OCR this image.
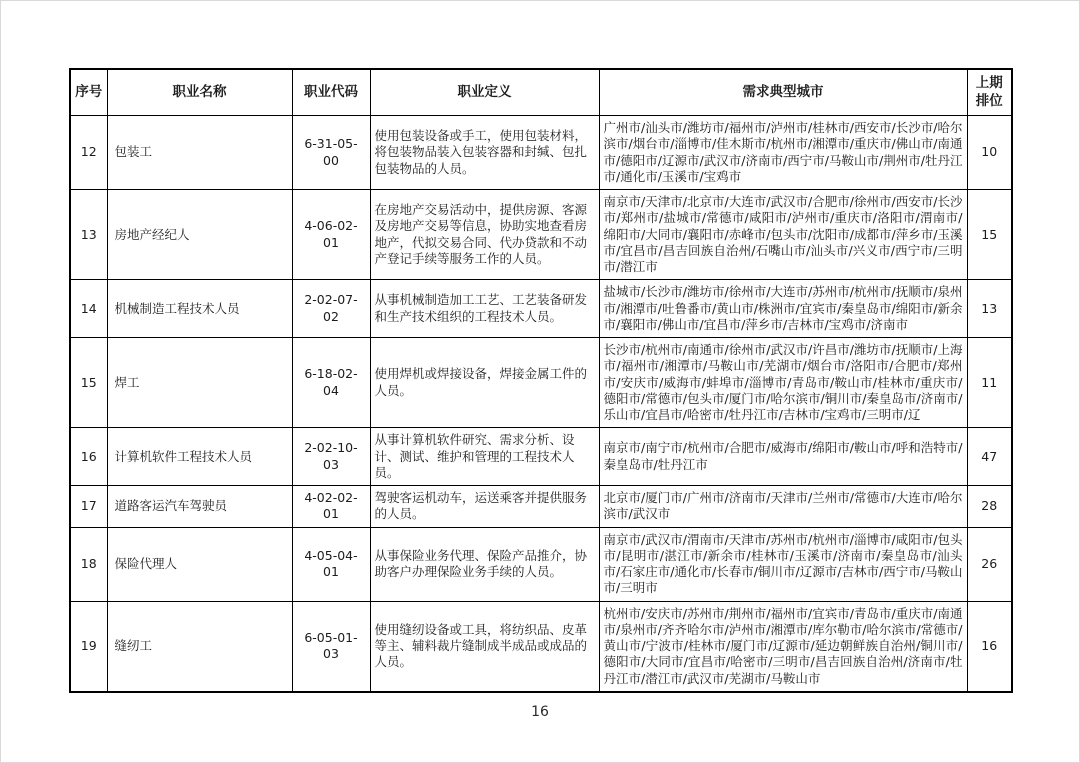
序号	职业名称	职业代码	职业定义	需求典型城市	上期排位
12	包装工	6-31-05-00	使用包装设备或手工，使用包装材料，将包装物品装入包装容器和封缄、包扎包装物品的人员。	广州市/汕头市/潍坊市/福州市/泸州市/桂林市/西安市/长沙市/哈尔滨市/烟台市/淄博市/佳木斯市/杭州市/湘潭市/重庆市/佛山市/南通市/德阳市/辽源市/武汉市/济南市/西宁市/马鞍山市/荆州市/牡丹江市/通化市/玉溪市/宝鸡市	10
13	房地产经纪人	4-06-02-01	在房地产交易活动中，提供房源、客源及房地产交易等信息，协助实地查看房地产，代拟交易合同、代办贷款和不动产登记手续等服务工作的人员。	南京市/天津市/北京市/大连市/武汉市/合肥市/徐州市/西安市/长沙市/郑州市/盐城市/常德市/咸阳市/泸州市/重庆市/洛阳市/渭南市/绵阳市/大同市/襄阳市/赤峰市/包头市/沈阳市/成都市/萍乡市/玉溪市/宜昌市/昌吉回族自治州/石嘴山市/汕头市/兴义市/西宁市/三明市/潜江市	15
14	机械制造工程技术人员	2-02-07-02	从事机械制造加工工艺、工艺装备研发和生产技术组织的工程技术人员。	盐城市/长沙市/潍坊市/徐州市/大连市/苏州市/杭州市/抚顺市/泉州市/湘潭市/吐鲁番市/黄山市/株洲市/宜宾市/秦皇岛市/绵阳市/新余市/襄阳市/佛山市/宜昌市/萍乡市/吉林市/宝鸡市/济南市	13
15	焊工	6-18-02-04	使用焊机或焊接设备，焊接金属工件的人员。	长沙市/杭州市/南通市/徐州市/武汉市/许昌市/潍坊市/抚顺市/上海市/福州市/湘潭市/马鞍山市/芜湖市/烟台市/洛阳市/合肥市/郑州市/安庆市/威海市/蚌埠市/淄博市/青岛市/鞍山市/桂林市/重庆市/德阳市/常德市/包头市/厦门市/哈尔滨市/铜川市/秦皇岛市/济南市/乐山市/宜昌市/哈密市/牡丹江市/吉林市/宝鸡市/三明市/辽	11
16	计算机软件工程技术人员	2-02-10-03	从事计算机软件研究、需求分析、设计、测试、维护和管理的工程技术人员。	南京市/南宁市/杭州市/合肥市/威海市/绵阳市/鞍山市/呼和浩特市/秦皇岛市/牡丹江市	47
17	道路客运汽车驾驶员	4-02-02-01	驾驶客运机动车，运送乘客并提供服务的人员。	北京市/厦门市/广州市/济南市/天津市/兰州市/常德市/大连市/哈尔滨市/武汉市	28
18	保险代理人	4-05-04-01	从事保险业务代理、保险产品推介，协助客户办理保险业务手续的人员。	南京市/武汉市/渭南市/天津市/苏州市/杭州市/淄博市/咸阳市/包头市/昆明市/湛江市/新余市/桂林市/玉溪市/济南市/秦皇岛市/汕头市/石家庄市/通化市/长春市/铜川市/辽源市/吉林市/西宁市/马鞍山市/三明市	26
19	缝纫工	6-05-01-03	使用缝纫设备或工具，将纺织品、皮革等主、辅料裁片缝制成半成品或成品的人员。	杭州市/安庆市/苏州市/荆州市/福州市/宜宾市/青岛市/重庆市/南通市/泉州市/齐齐哈尔市/泸州市/湘潭市/库尔勒市/哈尔滨市/常德市/黄山市/宁波市/桂林市/厦门市/辽源市/延边朝鲜族自治州/铜川市/德阳市/大同市/宜昌市/哈密市/三明市/昌吉回族自治州/济南市/牡丹江市/潜江市/武汉市/芜湖市/马鞍山市	16
16
